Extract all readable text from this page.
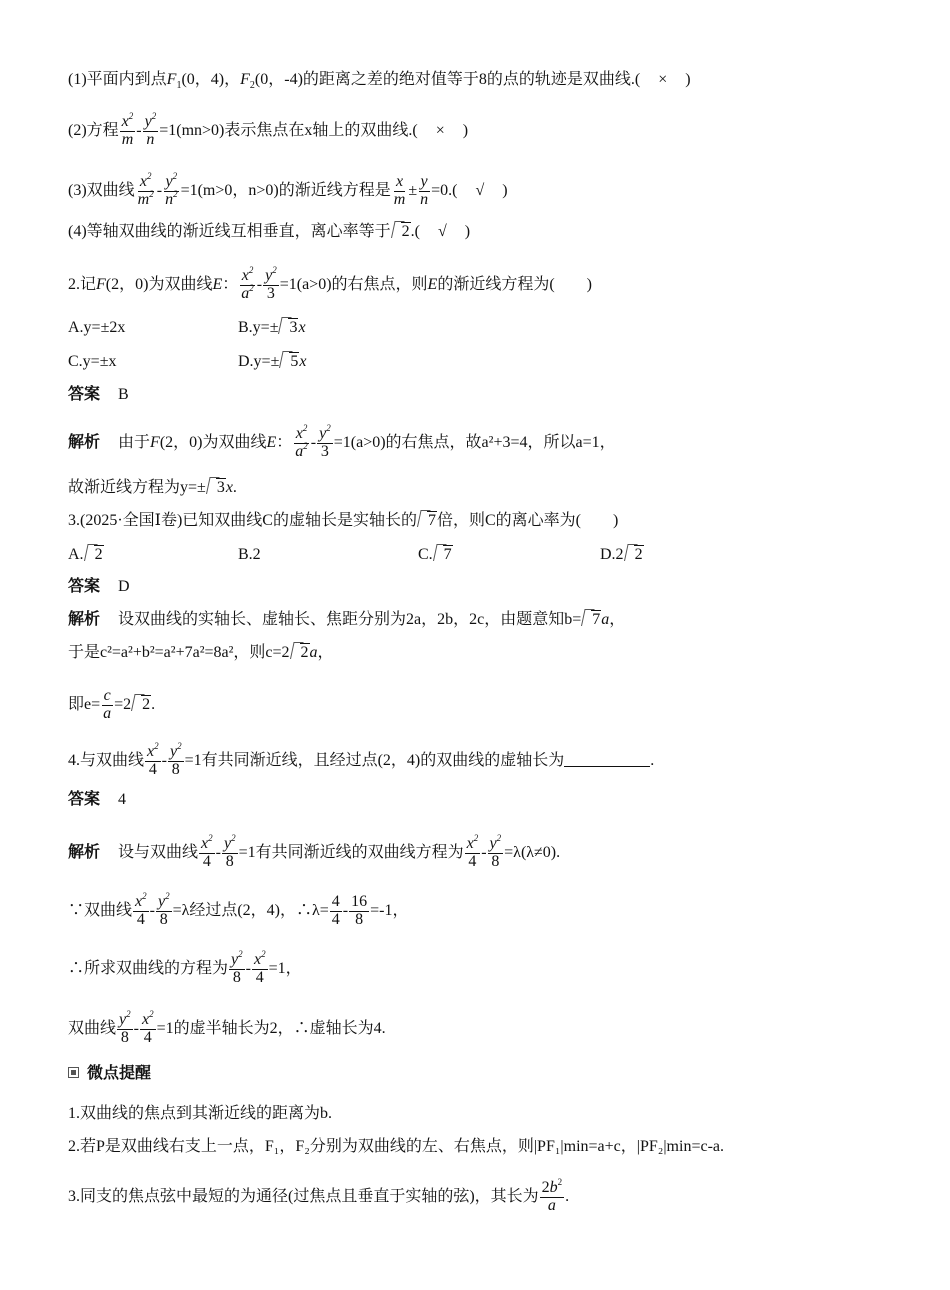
(1)平面内到点$F_1(0$，4)，$F_2(0$，-4)的距离之差的绝对值等于8的点的轨迹是双曲线.( × )
(2)方程 $\frac{x^2}{m} - \frac{y^2}{n} =1(mn>0)$表示焦点在x轴上的双曲线.( × )
(3)双曲线 $\frac{x^2}{m^2} - \frac{y^2}{n^2} =1(m>0$，n>0)的渐近线方程是 $\frac{x}{m} \pm \frac{y}{n} =0$.( √ )
(4)等轴双曲线的渐近线互相垂直，离心率等于 2.( √ )
2.记F(2，0)为双曲线E： $\frac{x^2}{a^2} - \frac{y^2}{3} =1(a>0)$的右焦点，则E的渐近线方程为( )
A.y=±2x	B.y=± 3x
C.y=±x	D.y=± 5x
答案 B
解析 由于F(2，0)为双曲线E： $\frac{x^2}{a^2} - \frac{y^2}{3} =1(a>0)$的右焦点，故a²+3=4，所以a=1，
故渐近线方程为y=± 3x.
3.(2025·全国Ⅰ卷)已知双曲线C的虚轴长是实轴长的 7倍，则C的离心率为( )
A. 2	B.2	C. 7	D.2 2
答案 D
解析 设双曲线的实轴长、虚轴长、焦距分别为2a，2b，2c，由题意知b= 7a，
于是c²=a²+b²=a²+7a²=8a²，则c=2 2a，
即$e= \frac{c}{a} =2$ 2.
4.与双曲线 $\frac{x^2}{4} - \frac{y^2}{8} =1$有共同渐近线，且经过点(2，4)的双曲线的虚轴长为	.
答案 4
解析 设与双曲线 $\frac{x^2}{4} - \frac{y^2}{8} =1$有共同渐近线的双曲线方程为 $\frac{x^2}{4} - \frac{y^2}{8} =\lambda(\lambda\ne 0)$.
∵双曲线 $\frac{x^2}{4} - \frac{y^2}{8} =\lambda$经过点(2，4)，∴λ= $\frac{4}{4} - \frac{16}{8} =-1$，
∴所求双曲线的方程为 $\frac{y^2}{8} - \frac{x^2}{4} =1$，
双曲线 $\frac{y^2}{8} - \frac{x^2}{4} =1$的虚半轴长为2，∴虚轴长为4.
微点提醒
1.双曲线的焦点到其渐近线的距离为b.
2.若P是双曲线右支上一点，F₁，F₂分别为双曲线的左、右焦点，则|PF₁|min=a+c，|PF₂|min=c-a.
3.同支的焦点弦中最短的为通径(过焦点且垂直于实轴的弦)，其长为 $\frac{2b^2}{a}$ .
